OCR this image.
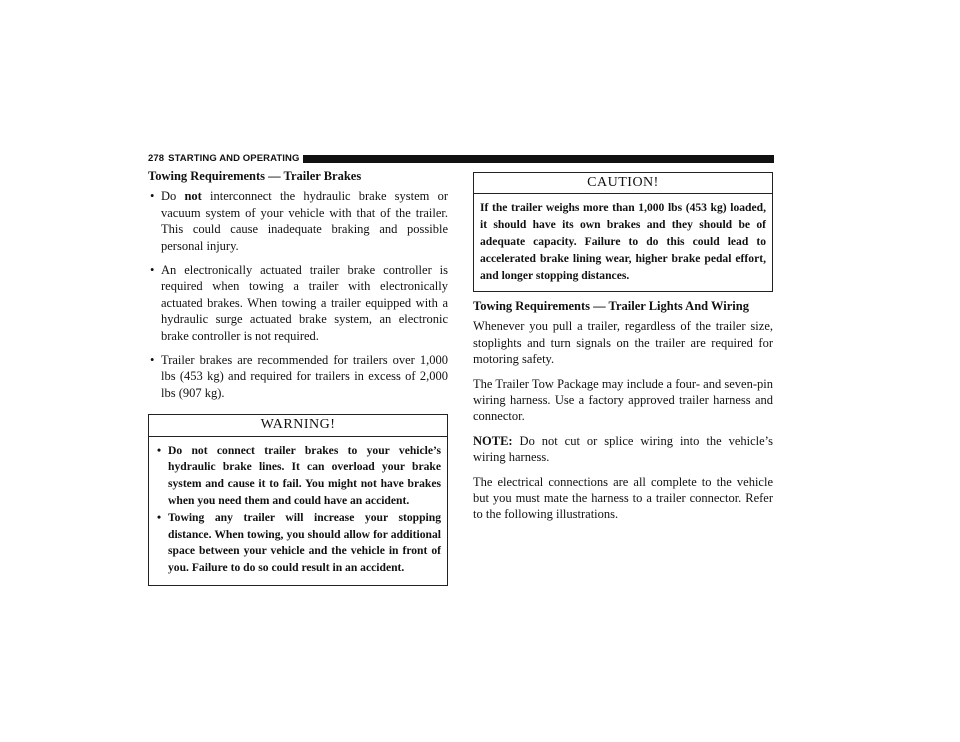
278 STARTING AND OPERATING
Towing Requirements — Trailer Brakes
• Do not interconnect the hydraulic brake system or vacuum system of your vehicle with that of the trailer. This could cause inadequate braking and possible personal injury.
• An electronically actuated trailer brake controller is required when towing a trailer with electronically actuated brakes. When towing a trailer equipped with a hydraulic surge actuated brake system, an electronic brake controller is not required.
• Trailer brakes are recommended for trailers over 1,000 lbs (453 kg) and required for trailers in excess of 2,000 lbs (907 kg).
WARNING!
• Do not connect trailer brakes to your vehicle’s hydraulic brake lines. It can overload your brake system and cause it to fail. You might not have brakes when you need them and could have an accident.
• Towing any trailer will increase your stopping distance. When towing, you should allow for additional space between your vehicle and the vehicle in front of you. Failure to do so could result in an accident.
CAUTION!
If the trailer weighs more than 1,000 lbs (453 kg) loaded, it should have its own brakes and they should be of adequate capacity. Failure to do this could lead to accelerated brake lining wear, higher brake pedal effort, and longer stopping distances.
Towing Requirements — Trailer Lights And Wiring
Whenever you pull a trailer, regardless of the trailer size, stoplights and turn signals on the trailer are required for motoring safety.
The Trailer Tow Package may include a four- and seven-pin wiring harness. Use a factory approved trailer harness and connector.
NOTE: Do not cut or splice wiring into the vehicle’s wiring harness.
The electrical connections are all complete to the vehicle but you must mate the harness to a trailer connector. Refer to the following illustrations.
